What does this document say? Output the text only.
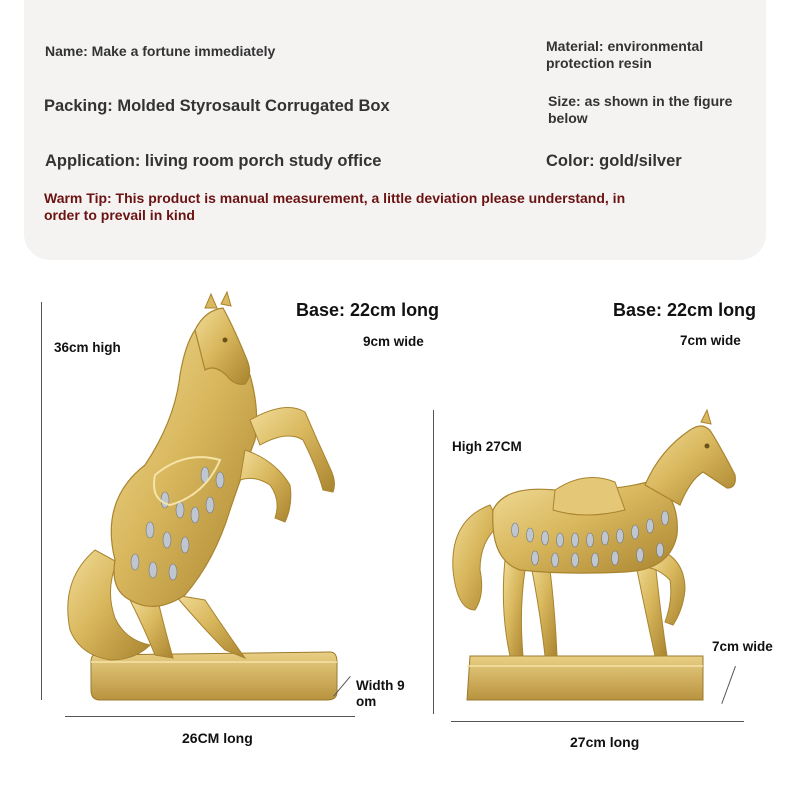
Name: Make a fortune immediately	Material: environmental
protection resin
Packing: Molded Styrosault Corrugated Box	Size: as shown in the figure
below
Application: living room porch study office	Color: gold/silver
Warm Tip: This product is manual measurement, a little deviation please understand, in
order to prevail in kind
36cm high
Base: 22cm long
9cm wide
Width 9
om
26CM long
Base: 22cm long
7cm wide
High 27CM
7cm wide
27cm long
